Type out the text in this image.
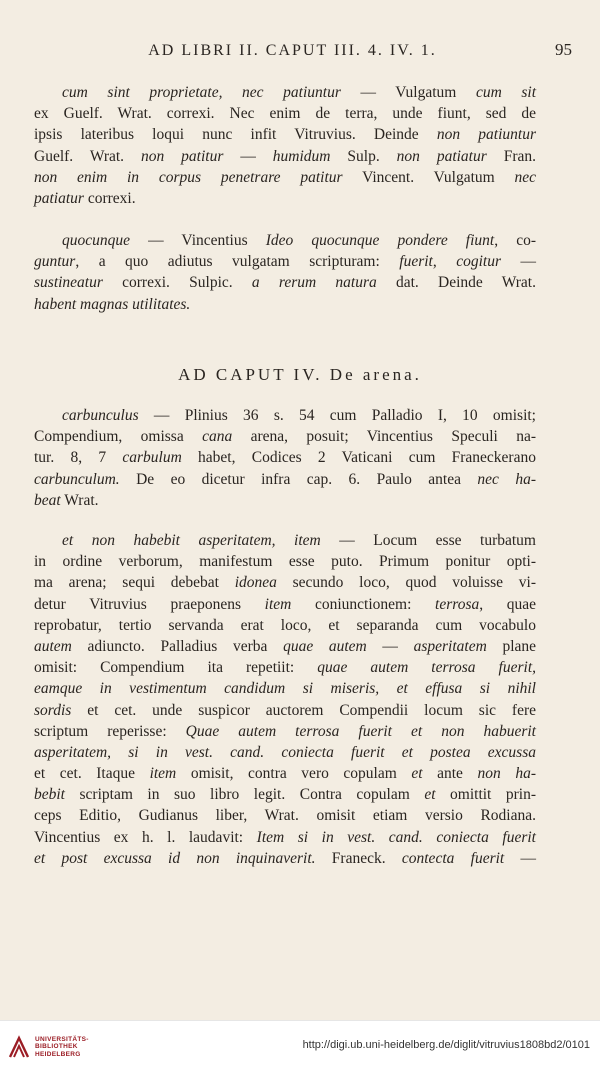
AD LIBRI II. CAPUT III. 4. IV. 1.	95
cum sint proprietate, nec patiuntur — Vulgatum cum sit
ex Guelf. Wrat. correxi. Nec enim de terra, unde fiunt, sed de
ipsis lateribus loqui nunc infit Vitruvius. Deinde non patiuntur
Guelf. Wrat. non patitur — humidum Sulp. non patiatur Fran.
non enim in corpus penetrare patitur Vincent. Vulgatum nec
patiatur correxi.
quocunque — Vincentius Ideo quocunque pondere fiunt, co-
guntur, a quo adiutus vulgatam scripturam: fuerit, cogitur —
sustineatur correxi. Sulpic. a rerum natura dat. Deinde Wrat.
habent magnas utilitates.
AD CAPUT IV. De arena.
carbunculus — Plinius 36 s. 54 cum Palladio I, 10 omisit;
Compendium, omissa cana arena, posuit; Vincentius Speculi na-
tur. 8, 7 carbulum habet, Codices 2 Vaticani cum Franeckerano
carbunculum. De eo dicetur infra cap. 6. Paulo antea nec ha-
beat Wrat.
et non habebit asperitatem, item — Locum esse turbatum
in ordine verborum, manifestum esse puto. Primum ponitur opti-
ma arena; sequi debebat idonea secundo loco, quod voluisse vi-
detur Vitruvius praeponens item coniunctionem: terrosa, quae
reprobatur, tertio servanda erat loco, et separanda cum vocabulo
autem adiuncto. Palladius verba quae autem — asperitatem plane
omisit: Compendium ita repetiit: quae autem terrosa fuerit,
eamque in vestimentum candidum si miseris, et effusa si nihil
sordis et cet. unde suspicor auctorem Compendii locum sic fere
scriptum reperisse: Quae autem terrosa fuerit et non habuerit
asperitatem, si in vest. cand. coniecta fuerit et postea excussa
et cet. Itaque item omisit, contra vero copulam et ante non ha-
bebit scriptam in suo libro legit. Contra copulam et omittit prin-
ceps Editio, Gudianus liber, Wrat. omisit etiam versio Rodiana.
Vincentius ex h. l. laudavit: Item si in vest. cand. coniecta fuerit
et post excussa id non inquinaverit. Franeck. contecta fuerit —
UNIVERSITÄTS-
BIBLIOTHEK
HEIDELBERG
http://digi.ub.uni-heidelberg.de/diglit/vitruvius1808bd2/0101
